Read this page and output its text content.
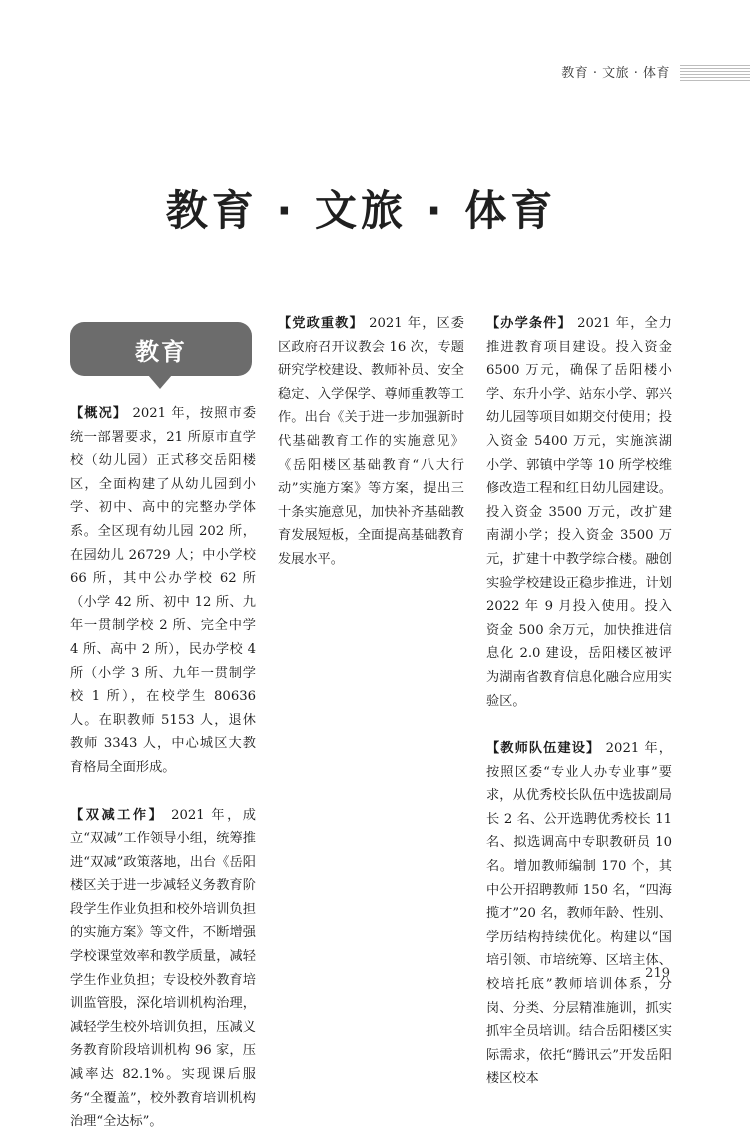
教育 · 文旅 · 体育
教育 · 文旅 · 体育
教育

【概况】 2021 年，按照市委统一部署要求，21 所原市直学校（幼儿园）正式移交岳阳楼区，全面构建了从幼儿园到小学、初中、高中的完整办学体系。全区现有幼儿园 202 所，在园幼儿 26729 人；中小学校 66 所，其中公办学校 62 所（小学 42 所、初中 12 所、九年一贯制学校 2 所、完全中学 4 所、高中 2 所），民办学校 4 所（小学 3 所、九年一贯制学校 1 所），在校学生 80636 人。在职教师 5153 人，退休教师 3343 人，中心城区大教育格局全面形成。

【双减工作】 2021 年，成立“双减”工作领导小组，统筹推进“双减”政策落地，出台《岳阳楼区关于进一步减轻义务教育阶段学生作业负担和校外培训负担的实施方案》等文件，不断增强学校课堂效率和教学质量，减轻学生作业负担；专设校外教育培训监管股，深化培训机构治理，减轻学生校外培训负担，压减义务教育阶段培训机构 96 家，压减率达 82.1%。实现课后服务“全覆盖”，校外教育培训机构治理“全达标”。

【党政重教】 2021 年，区委区政府召开议教会 16 次，专题研究学校建设、教师补员、安全稳定、入学保学、尊师重教等工作。出台《关于进一步加强新时代基础教育工作的实施意见》《岳阳楼区基础教育“八大行动”实施方案》等方案，提出三十条实施意见，加快补齐基础教育发展短板，全面提高基础教育发展水平。

【办学条件】 2021 年，全力推进教育项目建设。投入资金 6500 万元，确保了岳阳楼小学、东升小学、站东小学、郭兴幼儿园等项目如期交付使用；投入资金 5400 万元，实施滨湖小学、郭镇中学等 10 所学校维修改造工程和红日幼儿园建设。投入资金 3500 万元，改扩建南湖小学；投入资金 3500 万元，扩建十中教学综合楼。融创实验学校建设正稳步推进，计划 2022 年 9 月投入使用。投入资金 500 余万元，加快推进信息化 2.0 建设，岳阳楼区被评为湖南省教育信息化融合应用实验区。

【教师队伍建设】 2021 年，按照区委“专业人办专业事”要求，从优秀校长队伍中选拔副局长 2 名、公开选聘优秀校长 11 名、拟选调高中专职教研员 10 名。增加教师编制 170 个，其中公开招聘教师 150 名，“四海揽才”20 名，教师年龄、性别、学历结构持续优化。构建以“国培引领、市培统筹、区培主体、校培托底”教师培训体系，分岗、分类、分层精准施训，抓实抓牢全员培训。结合岳阳楼区实际需求，依托“腾讯云”开发岳阳楼区校本

219
